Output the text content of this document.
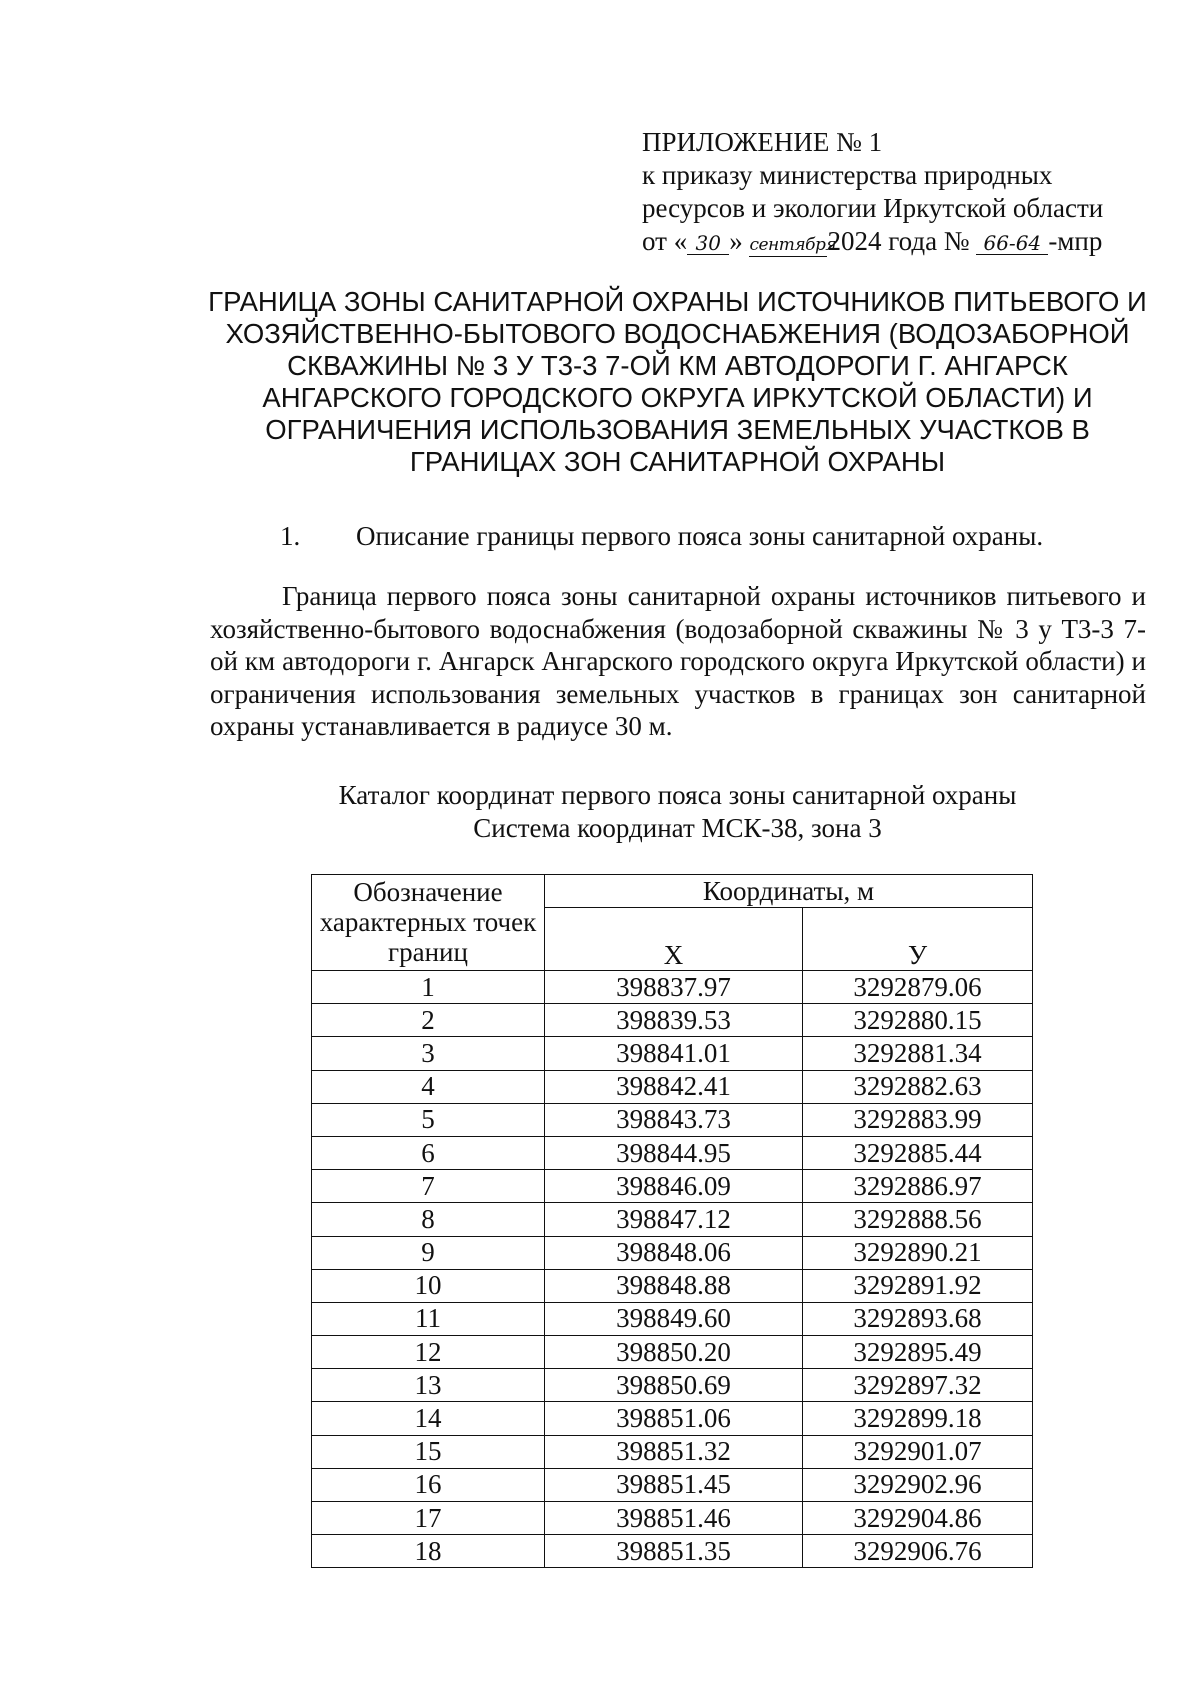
ПРИЛОЖЕНИЕ № 1
к приказу министерства природных
ресурсов и экологии Иркутской области
от « 30 » сентября2024 года № 66-64 -мпр
ГРАНИЦА ЗОНЫ САНИТАРНОЙ ОХРАНЫ ИСТОЧНИКОВ ПИТЬЕВОГО И ХОЗЯЙСТВЕННО-БЫТОВОГО ВОДОСНАБЖЕНИЯ (ВОДОЗАБОРНОЙ СКВАЖИНЫ № 3 У Т3-3 7-ОЙ КМ АВТОДОРОГИ Г. АНГАРСК АНГАРСКОГО ГОРОДСКОГО ОКРУГА ИРКУТСКОЙ ОБЛАСТИ) И ОГРАНИЧЕНИЯ ИСПОЛЬЗОВАНИЯ ЗЕМЕЛЬНЫХ УЧАСТКОВ В ГРАНИЦАХ ЗОН САНИТАРНОЙ ОХРАНЫ
1. Описание границы первого пояса зоны санитарной охраны.
Граница первого пояса зоны санитарной охраны источников питьевого и хозяйственно-бытового водоснабжения (водозаборной скважины № 3 у Т3-3 7-ой км автодороги г. Ангарск Ангарского городского округа Иркутской области) и ограничения использования земельных участков в границах зон санитарной охраны устанавливается в радиусе 30 м.
Каталог координат первого пояса зоны санитарной охраны
Система координат МСК-38, зона 3
Обозначение характерных точек границ	Координаты, м	
	X	У
1	398837.97	3292879.06
2	398839.53	3292880.15
3	398841.01	3292881.34
4	398842.41	3292882.63
5	398843.73	3292883.99
6	398844.95	3292885.44
7	398846.09	3292886.97
8	398847.12	3292888.56
9	398848.06	3292890.21
10	398848.88	3292891.92
11	398849.60	3292893.68
12	398850.20	3292895.49
13	398850.69	3292897.32
14	398851.06	3292899.18
15	398851.32	3292901.07
16	398851.45	3292902.96
17	398851.46	3292904.86
18	398851.35	3292906.76
